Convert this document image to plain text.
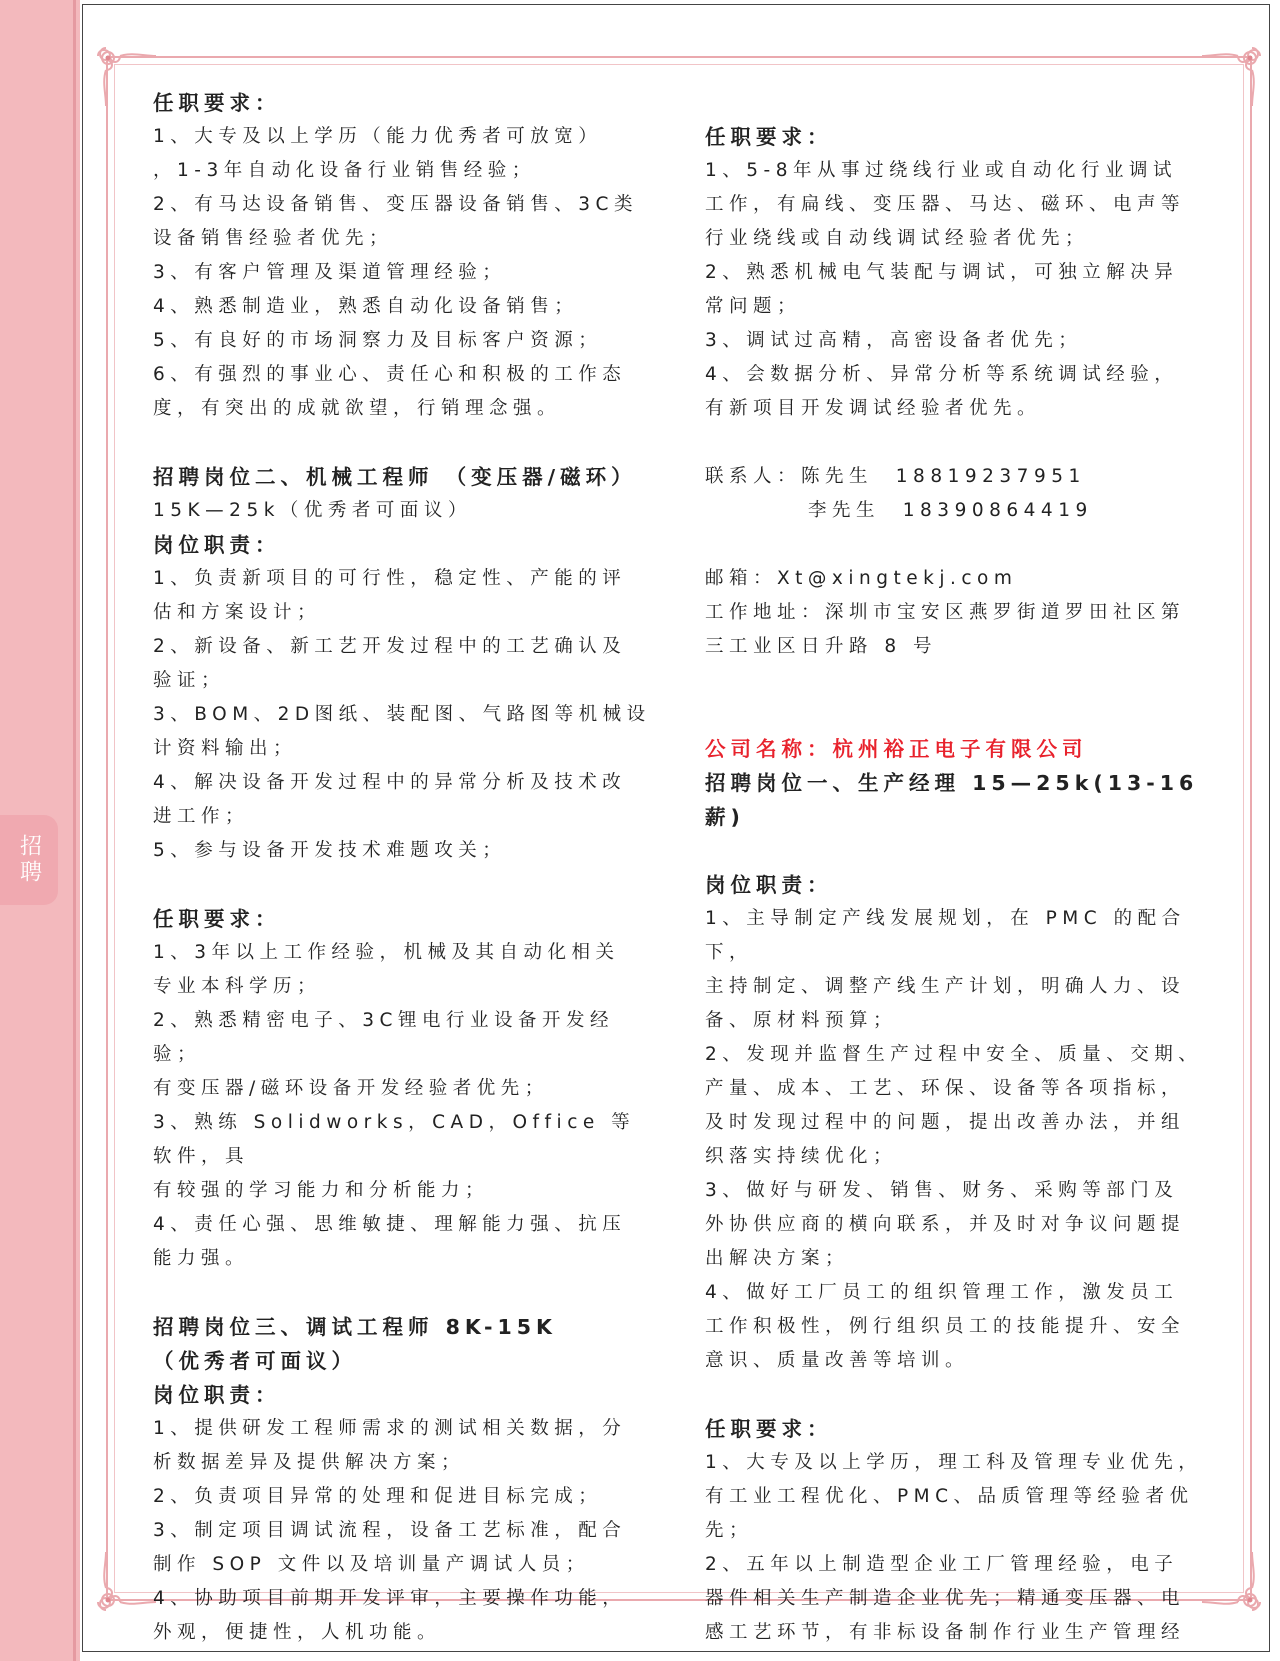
招聘

任职要求：

1、大专及以上学历（能力优秀者可放宽）

，1-3年自动化设备行业销售经验；

2、有马达设备销售、变压器设备销售、3C类

设备销售经验者优先；

3、有客户管理及渠道管理经验；

4、熟悉制造业，熟悉自动化设备销售；

5、有良好的市场洞察力及目标客户资源；

6、有强烈的事业心、责任心和积极的工作态

度，有突出的成就欲望，行销理念强。

招聘岗位二、机械工程师 （变压器/磁环）

15K—25k（优秀者可面议）

岗位职责：

1、负责新项目的可行性，稳定性、产能的评

估和方案设计；

2、新设备、新工艺开发过程中的工艺确认及

验证；

3、BOM、2D图纸、装配图、气路图等机械设

计资料输出；

4、解决设备开发过程中的异常分析及技术改

进工作；

5、参与设备开发技术难题攻关；

任职要求：

1、3年以上工作经验，机械及其自动化相关

专业本科学历；

2、熟悉精密电子、3C锂电行业设备开发经验；

有变压器/磁环设备开发经验者优先；

3、熟练 Solidworks，CAD，Office 等软件，具

有较强的学习能力和分析能力；

4、责任心强、思维敏捷、理解能力强、抗压

能力强。

招聘岗位三、调试工程师 8K-15K

（优秀者可面议）

岗位职责：

1、提供研发工程师需求的测试相关数据，分

析数据差异及提供解决方案；

2、负责项目异常的处理和促进目标完成；

3、制定项目调试流程，设备工艺标准，配合

制作 SOP 文件以及培训量产调试人员；

4、协助项目前期开发评审，主要操作功能，

外观，便捷性，人机功能。

任职要求：

1、5-8年从事过绕线行业或自动化行业调试

工作，有扁线、变压器、马达、磁环、电声等

行业绕线或自动线调试经验者优先；

2、熟悉机械电气装配与调试，可独立解决异

常问题；

3、调试过高精，高密设备者优先；

4、会数据分析、异常分析等系统调试经验，

有新项目开发调试经验者优先。

联系人：陈先生  18819237951

李先生  18390864419

邮箱：Xt@xingtekj.com

工作地址：深圳市宝安区燕罗街道罗田社区第

三工业区日升路 8 号

公司名称：杭州裕正电子有限公司

招聘岗位一、生产经理 15—25k(13-16薪)

岗位职责：

1、主导制定产线发展规划，在 PMC 的配合下，

主持制定、调整产线生产计划，明确人力、设

备、原材料预算；

2、发现并监督生产过程中安全、质量、交期、

产量、成本、工艺、环保、设备等各项指标，

及时发现过程中的问题，提出改善办法，并组

织落实持续优化；

3、做好与研发、销售、财务、采购等部门及

外协供应商的横向联系，并及时对争议问题提

出解决方案；

4、做好工厂员工的组织管理工作，激发员工

工作积极性，例行组织员工的技能提升、安全

意识、质量改善等培训。

任职要求：

1、大专及以上学历，理工科及管理专业优先，

有工业工程优化、PMC、品质管理等经验者优

先；

2、五年以上制造型企业工厂管理经验，电子

器件相关生产制造企业优先；精通变压器、电

感工艺环节，有非标设备制作行业生产管理经
